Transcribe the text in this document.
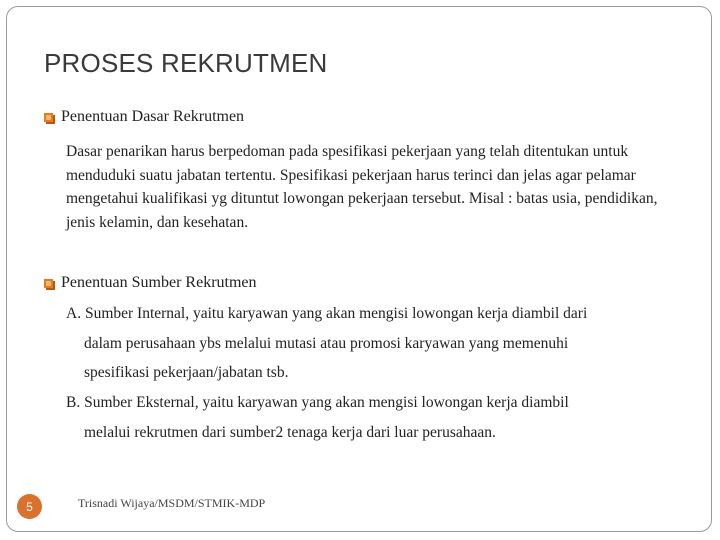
PROSES REKRUTMEN
Penentuan Dasar Rekrutmen
Dasar penarikan harus berpedoman pada spesifikasi pekerjaan yang telah ditentukan untuk menduduki suatu jabatan tertentu. Spesifikasi pekerjaan harus terinci dan jelas agar pelamar mengetahui kualifikasi yg dituntut lowongan pekerjaan tersebut. Misal : batas usia, pendidikan, jenis kelamin, dan kesehatan.
Penentuan Sumber Rekrutmen
A. Sumber Internal, yaitu karyawan yang akan mengisi lowongan kerja diambil dari dalam perusahaan ybs melalui mutasi atau promosi karyawan yang memenuhi spesifikasi pekerjaan/jabatan tsb.
B. Sumber Eksternal, yaitu karyawan yang akan mengisi lowongan kerja diambil melalui rekrutmen dari sumber2 tenaga kerja dari luar perusahaan.
5	Trisnadi Wijaya/MSDM/STMIK-MDP
